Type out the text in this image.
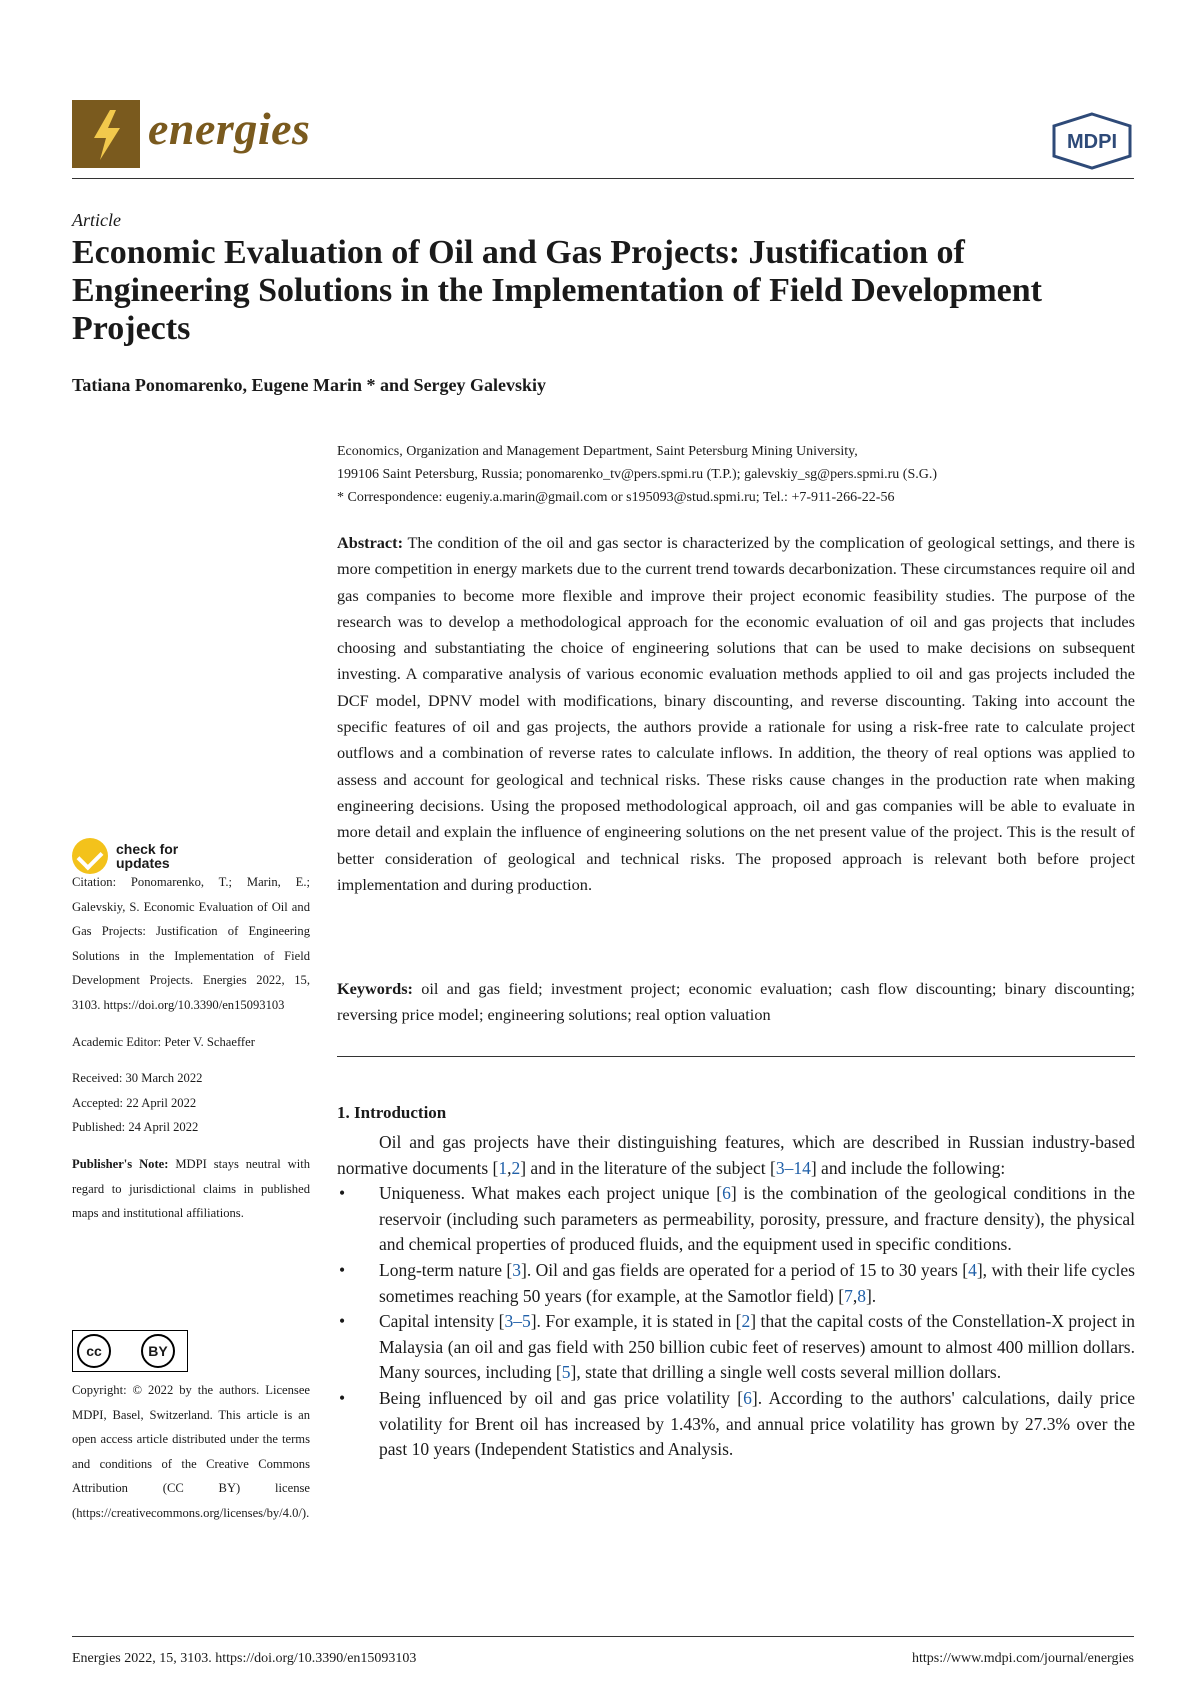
energies	MDPI
Article
Economic Evaluation of Oil and Gas Projects: Justification of Engineering Solutions in the Implementation of Field Development Projects
Tatiana Ponomarenko, Eugene Marin * and Sergey Galevskiy

Economics, Organization and Management Department, Saint Petersburg Mining University,

199106 Saint Petersburg, Russia; ponomarenko_tv@pers.spmi.ru (T.P.); galevskiy_sg@pers.spmi.ru (S.G.)

* Correspondence: eugeniy.a.marin@gmail.com or s195093@stud.spmi.ru; Tel.: +7-911-266-22-56

Abstract: The condition of the oil and gas sector is characterized by the complication of geological settings, and there is more competition in energy markets due to the current trend towards decarbonization. These circumstances require oil and gas companies to become more flexible and improve their project economic feasibility studies. The purpose of the research was to develop a methodological approach for the economic evaluation of oil and gas projects that includes choosing and substantiating the choice of engineering solutions that can be used to make decisions on subsequent investing. A comparative analysis of various economic evaluation methods applied to oil and gas projects included the DCF model, DPNV model with modifications, binary discounting, and reverse discounting. Taking into account the specific features of oil and gas projects, the authors provide a rationale for using a risk-free rate to calculate project outflows and a combination of reverse rates to calculate inflows. In addition, the theory of real options was applied to assess and account for geological and technical risks. These risks cause changes in the production rate when making engineering decisions. Using the proposed methodological approach, oil and gas companies will be able to evaluate in more detail and explain the influence of engineering solutions on the net present value of the project. This is the result of better consideration of geological and technical risks. The proposed approach is relevant both before project implementation and during production.
Keywords: oil and gas field; investment project; economic evaluation; cash flow discounting; binary discounting; reversing price model; engineering solutions; real option valuation
1. Introduction

Oil and gas projects have their distinguishing features, which are described in Russian industry-based normative documents [1,2] and in the literature of the subject [3–14] and include the following:

• Uniqueness. What makes each project unique [6] is the combination of the geological conditions in the reservoir (including such parameters as permeability, porosity, pressure, and fracture density), the physical and chemical properties of produced fluids, and the equipment used in specific conditions.
• Long-term nature [3]. Oil and gas fields are operated for a period of 15 to 30 years [4], with their life cycles sometimes reaching 50 years (for example, at the Samotlor field) [7,8].
• Capital intensity [3–5]. For example, it is stated in [2] that the capital costs of the Constellation-X project in Malaysia (an oil and gas field with 250 billion cubic feet of reserves) amount to almost 400 million dollars. Many sources, including [5], state that drilling a single well costs several million dollars.
• Being influenced by oil and gas price volatility [6]. According to the authors' calculations, daily price volatility for Brent oil has increased by 1.43%, and annual price volatility has grown by 27.3% over the past 10 years (Independent Statistics and Analysis.
check for updates
Citation: Ponomarenko, T.; Marin, E.; Galevskiy, S. Economic Evaluation of Oil and Gas Projects: Justification of Engineering Solutions in the Implementation of Field Development Projects. Energies 2022, 15, 3103. https://doi.org/10.3390/en15093103
Academic Editor: Peter V. Schaeffer
Received: 30 March 2022
Accepted: 22 April 2022
Published: 24 April 2022
Publisher's Note: MDPI stays neutral with regard to jurisdictional claims in published maps and institutional affiliations.
cc	BY
Copyright: © 2022 by the authors. Licensee MDPI, Basel, Switzerland. This article is an open access article distributed under the terms and conditions of the Creative Commons Attribution (CC BY) license (https://creativecommons.org/licenses/by/4.0/).
Energies 2022, 15, 3103. https://doi.org/10.3390/en15093103	https://www.mdpi.com/journal/energies
